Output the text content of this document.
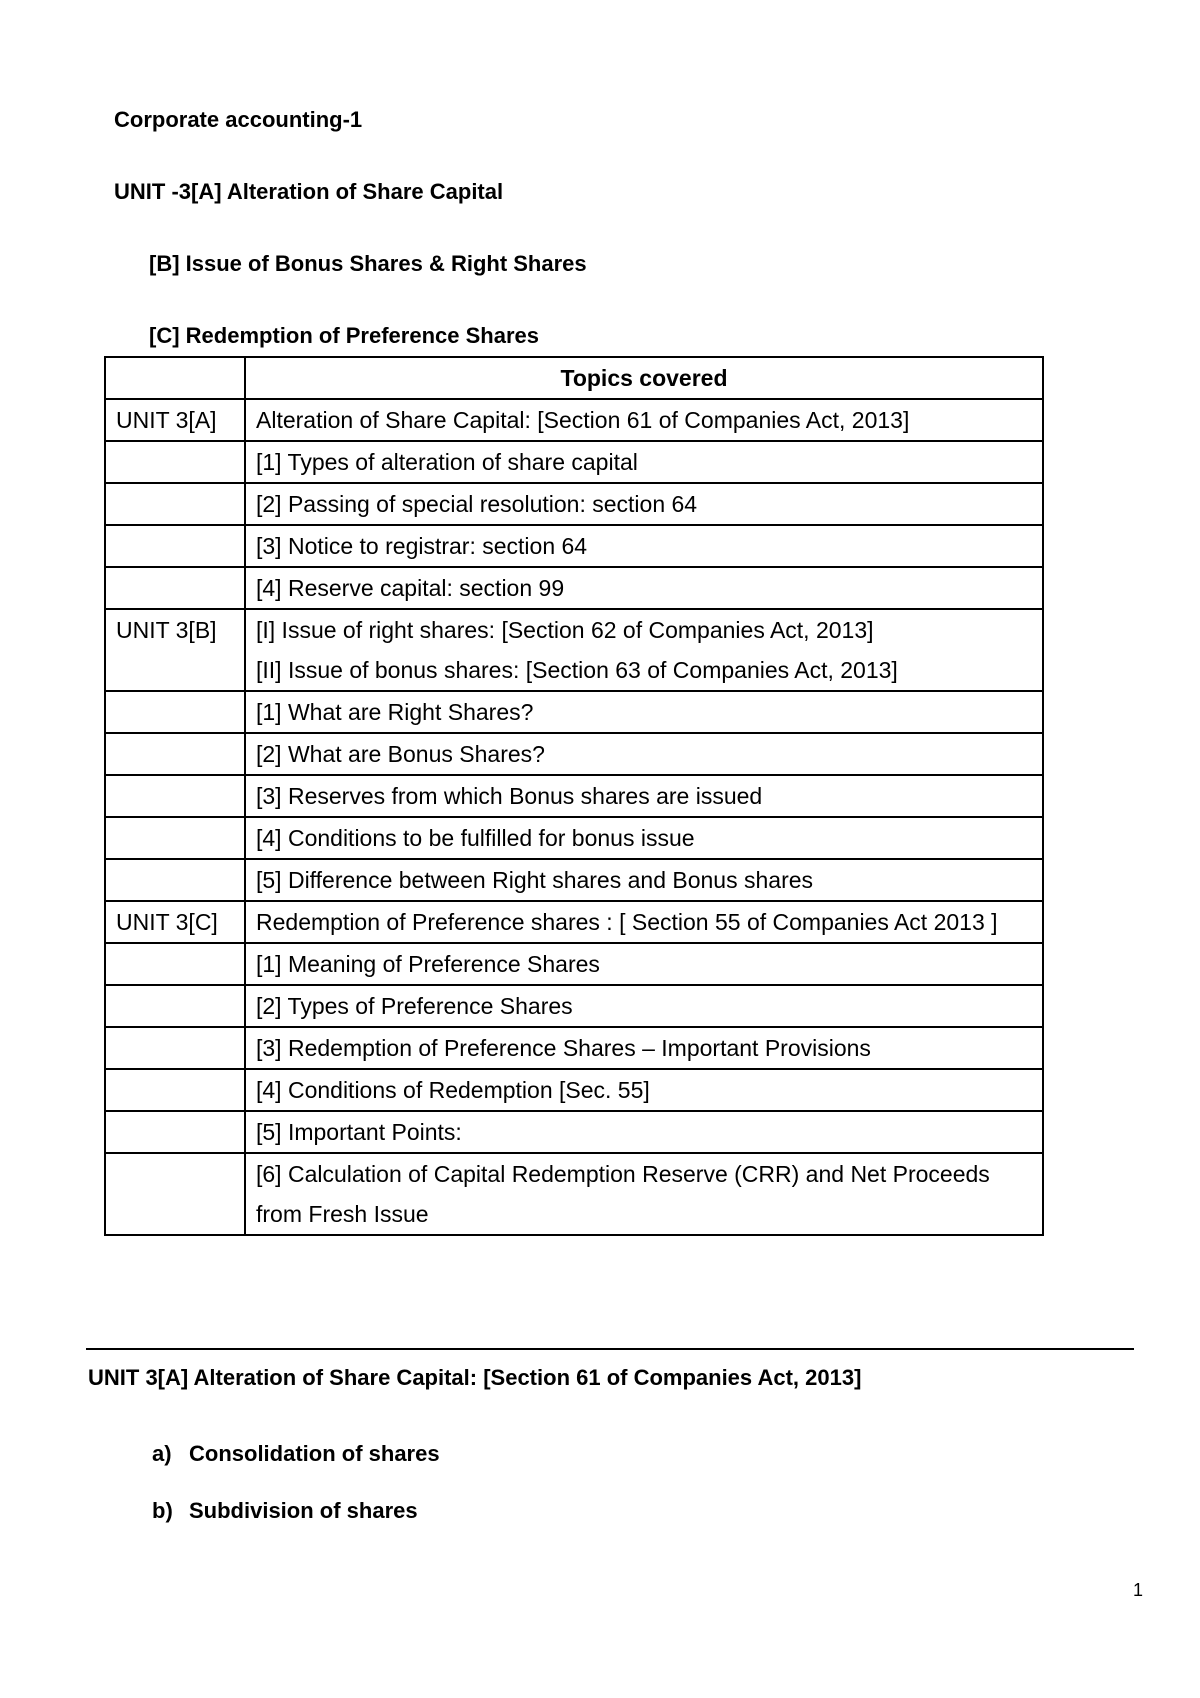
Corporate accounting-1
UNIT -3[A] Alteration of Share Capital
[B] Issue of Bonus Shares & Right Shares
[C] Redemption of Preference Shares
	Topics covered
UNIT 3[A]	Alteration of Share Capital: [Section 61 of Companies Act, 2013]
	[1] Types of alteration of share capital
	[2] Passing of special resolution: section 64
	[3] Notice to registrar: section 64
	[4] Reserve capital: section 99
UNIT 3[B]	[I] Issue of right shares: [Section 62 of Companies Act, 2013]
[II] Issue of bonus shares: [Section 63 of Companies Act, 2013]

	[1] What are Right Shares?
	[2] What are Bonus Shares?
	[3] Reserves from which Bonus shares are issued
	[4] Conditions to be fulfilled for bonus issue
	[5] Difference between Right shares and Bonus shares
UNIT 3[C]	Redemption of Preference shares : [ Section 55 of Companies Act 2013 ]
	[1] Meaning of Preference Shares
	[2] Types of Preference Shares
	[3] Redemption of Preference Shares – Important Provisions
	[4] Conditions of Redemption [Sec. 55]
	[5] Important Points:
	[6] Calculation of Capital Redemption Reserve (CRR) and Net Proceeds from Fresh Issue
UNIT 3[A] Alteration of Share Capital: [Section 61 of Companies Act, 2013]
a) Consolidation of shares
b) Subdivision of shares
1
